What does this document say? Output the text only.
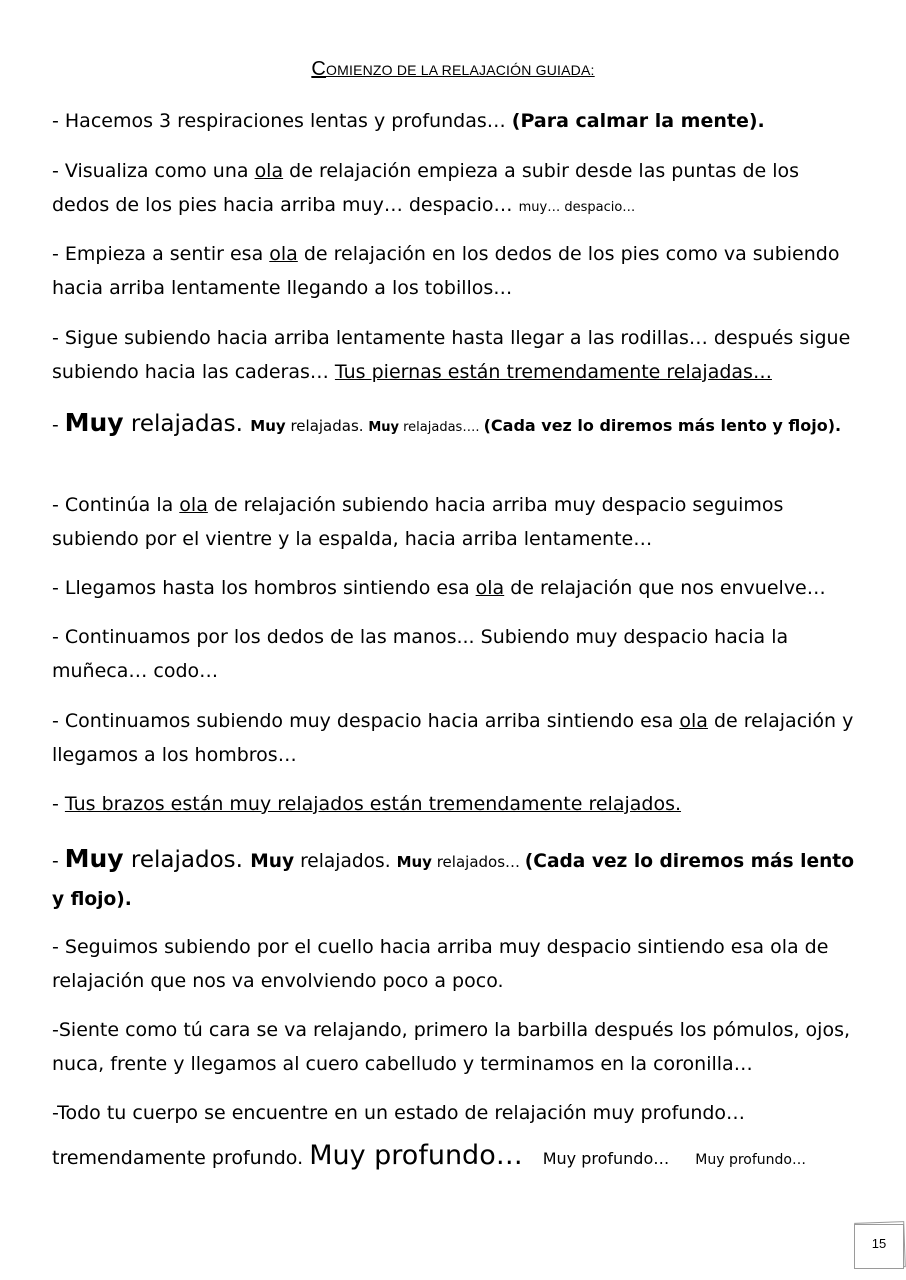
COMIENZO DE LA RELAJACIÓN GUIADA:

- Hacemos 3 respiraciones lentas y profundas… (Para calmar la mente).

- Visualiza como una ola de relajación empieza a subir desde las puntas de los dedos de los pies hacia arriba muy… despacio… muy… despacio…

- Empieza a sentir esa ola de relajación en los dedos de los pies como va subiendo hacia arriba lentamente llegando a los tobillos…

- Sigue subiendo hacia arriba lentamente hasta llegar a las rodillas… después sigue subiendo hacia las caderas… Tus piernas están tremendamente relajadas…

- Muy relajadas. Muy relajadas. Muy relajadas…. (Cada vez lo diremos más lento y flojo).

- Continúa la ola de relajación subiendo hacia arriba muy despacio seguimos subiendo por el vientre y la espalda, hacia arriba lentamente…

- Llegamos hasta los hombros sintiendo esa ola de relajación que nos envuelve…

- Continuamos por los dedos de las manos... Subiendo muy despacio hacia la muñeca… codo…

- Continuamos subiendo muy despacio hacia arriba sintiendo esa ola de relajación y llegamos a los hombros…

- Tus brazos están muy relajados están tremendamente relajados.

- Muy relajados. Muy relajados. Muy relajados… (Cada vez lo diremos más lento y flojo).

- Seguimos subiendo por el cuello hacia arriba muy despacio sintiendo esa ola de relajación que nos va envolviendo poco a poco.

-Siente como tú cara se va relajando, primero la barbilla después los pómulos, ojos, nuca, frente y llegamos al cuero cabelludo y terminamos en la coronilla…

-Todo tu cuerpo se encuentre en un estado de relajación muy profundo…

tremendamente profundo. Muy profundo… Muy profundo… Muy profundo…

15
